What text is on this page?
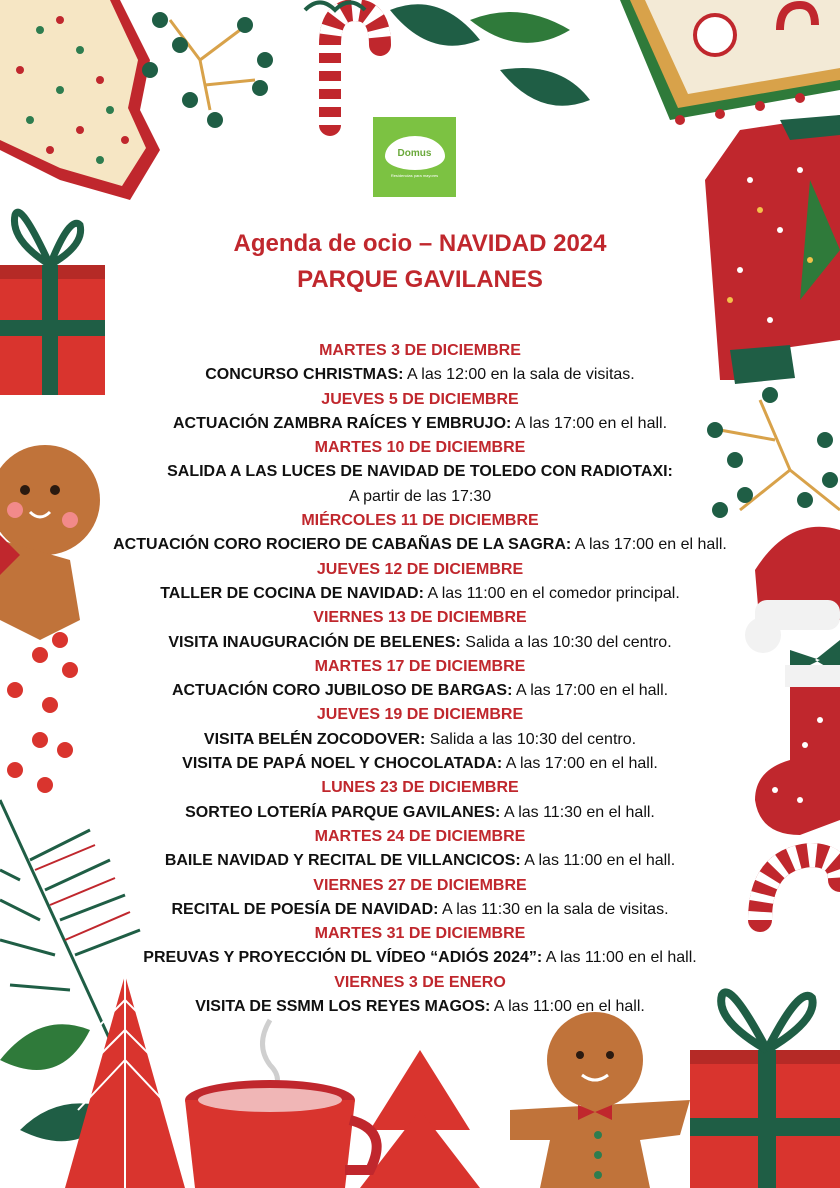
Domus
Residencias para mayores
Agenda de ocio – NAVIDAD 2024
PARQUE GAVILANES
MARTES 3 DE DICIEMBRE
CONCURSO CHRISTMAS: A las 12:00 en la sala de visitas.
JUEVES 5 DE DICIEMBRE
ACTUACIÓN ZAMBRA RAÍCES Y EMBRUJO: A las 17:00 en el hall.
MARTES 10 DE DICIEMBRE
SALIDA A LAS LUCES DE NAVIDAD DE TOLEDO CON RADIOTAXI:
A partir de las 17:30
MIÉRCOLES 11 DE DICIEMBRE
ACTUACIÓN CORO ROCIERO DE CABAÑAS DE LA SAGRA: A las 17:00 en el hall.
JUEVES 12 DE DICIEMBRE
TALLER DE COCINA DE NAVIDAD: A las 11:00 en el comedor principal.
VIERNES 13 DE DICIEMBRE
VISITA INAUGURACIÓN DE BELENES: Salida a las 10:30 del centro.
MARTES 17 DE DICIEMBRE
ACTUACIÓN CORO JUBILOSO DE BARGAS: A las 17:00 en el hall.
JUEVES 19 DE DICIEMBRE
VISITA BELÉN ZOCODOVER: Salida a las 10:30 del centro.
VISITA DE PAPÁ NOEL Y CHOCOLATADA: A las 17:00 en el hall.
LUNES 23 DE DICIEMBRE
SORTEO LOTERÍA PARQUE GAVILANES: A las 11:30 en el hall.
MARTES 24 DE DICIEMBRE
BAILE NAVIDAD Y RECITAL DE VILLANCICOS: A las 11:00 en el hall.
VIERNES 27 DE DICIEMBRE
RECITAL DE POESÍA DE NAVIDAD: A las 11:30 en la sala de visitas.
MARTES 31 DE DICIEMBRE
PREUVAS Y PROYECCIÓN DL VÍDEO “ADIÓS 2024”: A las 11:00 en el hall.
VIERNES 3 DE ENERO
VISITA DE SSMM LOS REYES MAGOS: A las 11:00 en el hall.
